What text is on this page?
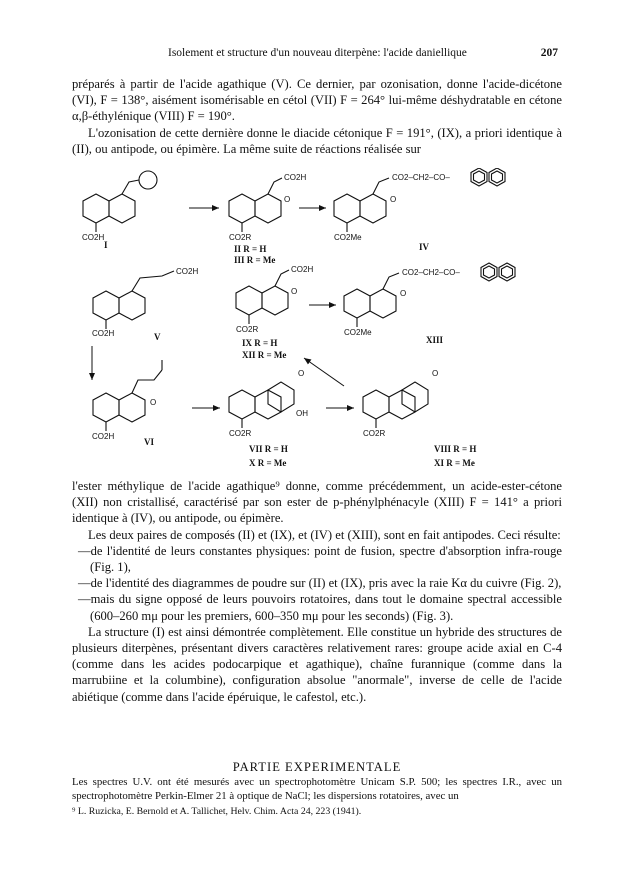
Isolement et structure d'un nouveau diterpène: l'acide daniellique	207

préparés à partir de l'acide agathique (V). Ce dernier, par ozonisation, donne l'acide-dicétone (VI), F = 138°, aisément isomérisable en cétol (VII) F = 264° lui-même déshydratable en cétone α,β-éthylénique (VIII) F = 190°.

L'ozonisation de cette dernière donne le diacide cétonique F = 191°, (IX), a priori identique à (II), ou antipode, ou épimère. La même suite de réactions réalisée sur

CO2H
I
CO2H
O
CO2R
II R = H
III R = Me
CO2–CH2–CO–
O
CO2Me
IV
CO2H
CO2H	V
CO2H
O
CO2R
IX R = H
XII R = Me
CO2–CH2–CO–
O
CO2Me
XIII
O
CO2H
VI
O
OH
CO2R
VII R = H
X R = Me
O
CO2R
VIII R = H
XI R = Me

l'ester méthylique de l'acide agathique⁹ donne, comme précédemment, un acide-ester-cétone (XII) non cristallisé, caractérisé par son ester de p-phénylphénacyle (XIII) F = 141° a priori identique à (IV), ou antipode, ou épimère.

Les deux paires de composés (II) et (IX), et (IV) et (XIII), sont en fait antipodes. Ceci résulte:

—de l'identité de leurs constantes physiques: point de fusion, spectre d'absorption infra-rouge (Fig. 1),

—de l'identité des diagrammes de poudre sur (II) et (IX), pris avec la raie Kα du cuivre (Fig. 2),

—mais du signe opposé de leurs pouvoirs rotatoires, dans tout le domaine spectral accessible (600–260 mμ pour les premiers, 600–350 mμ pour les seconds) (Fig. 3).

La structure (I) est ainsi démontrée complètement. Elle constitue un hybride des structures de plusieurs diterpènes, présentant divers caractères relativement rares: groupe acide axial en C-4 (comme dans les acides podocarpique et agathique), chaîne furannique (comme dans la marrubiine et la columbine), configuration absolue "anormale", inverse de celle de l'acide abiétique (comme dans l'acide épéruique, le cafestol, etc.).

PARTIE EXPERIMENTALE

Les spectres U.V. ont été mesurés avec un spectrophotomètre Unicam S.P. 500; les spectres I.R., avec un spectrophotomètre Perkin-Elmer 21 à optique de NaCl; les dispersions rotatoires, avec un

⁹ L. Ruzicka, E. Bernold et A. Tallichet, Helv. Chim. Acta 24, 223 (1941).
